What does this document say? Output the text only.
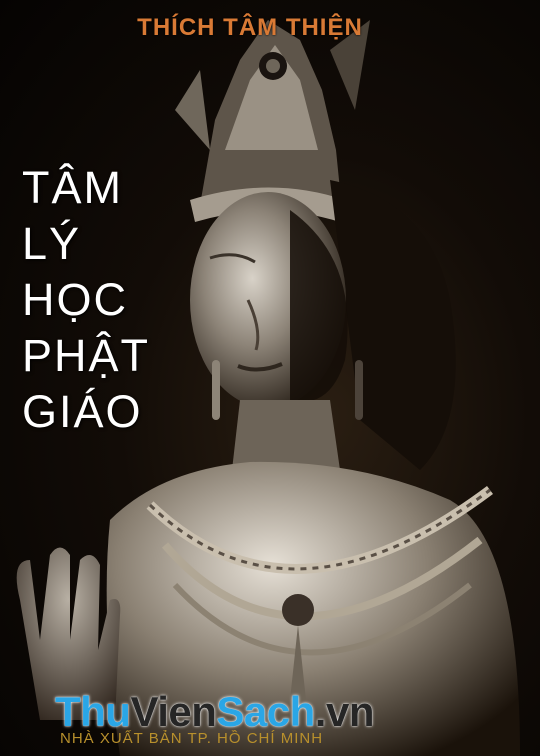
THÍCH TÂM THIỆN
TÂM
LÝ
HỌC
PHẬT
GIÁO
NHÀ XUẤT BẢN TP. HỒ CHÍ MINH
ThuVienSach.vn
